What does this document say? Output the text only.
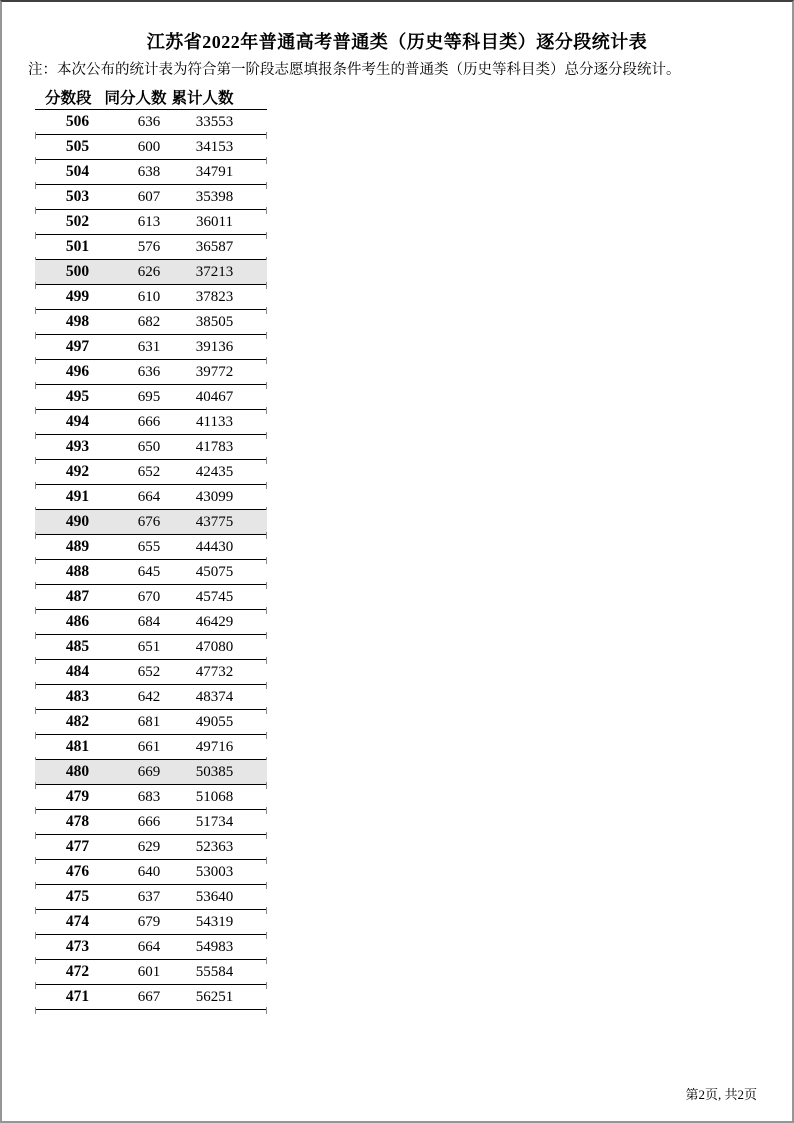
江苏省2022年普通高考普通类（历史等科目类）逐分段统计表

注：本次公布的统计表为符合第一阶段志愿填报条件考生的普通类（历史等科目类）总分逐分段统计。

分数段 同分人数 累计人数
506	636	33553
505	600	34153
504	638	34791
503	607	35398
502	613	36011
501	576	36587
500	626	37213
499	610	37823
498	682	38505
497	631	39136
496	636	39772
495	695	40467
494	666	41133
493	650	41783
492	652	42435
491	664	43099
490	676	43775
489	655	44430
488	645	45075
487	670	45745
486	684	46429
485	651	47080
484	652	47732
483	642	48374
482	681	49055
481	661	49716
480	669	50385
479	683	51068
478	666	51734
477	629	52363
476	640	53003
475	637	53640
474	679	54319
473	664	54983
472	601	55584
471	667	56251
第2页, 共2页
